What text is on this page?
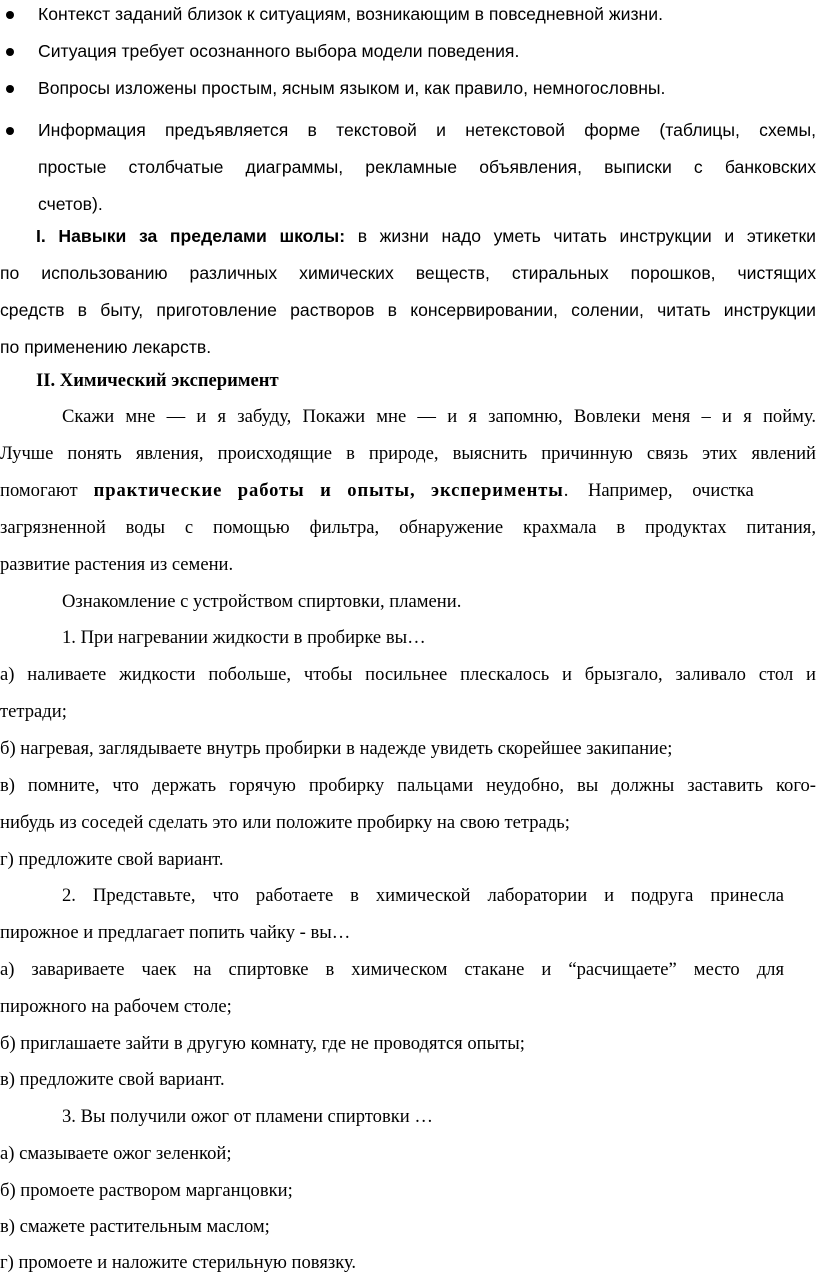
Контекст заданий близок к ситуациям, возникающим в повседневной жизни.
Ситуация требует осознанного выбора модели поведения.
Вопросы изложены простым, ясным языком и, как правило, немногословны.
Информация предъявляется в текстовой и нетекстовой форме (таблицы, схемы,
простые столбчатые диаграммы, рекламные объявления, выписки с банковских
счетов).
I. Навыки за пределами школы: в жизни надо уметь читать инструкции и этикетки
по использованию различных химических веществ, стиральных порошков, чистящих
средств в быту, приготовление растворов в консервировании, солении, читать инструкции
по применению лекарств.
II. Химический эксперимент
Скажи мне — и я забуду, Покажи мне — и я запомню, Вовлеки меня – и я пойму.
Лучше понять явления, происходящие в природе, выяснить причинную связь этих явлений
помогают практические работы и опыты, эксперименты. Например, очистка
загрязненной воды с помощью фильтра, обнаружение крахмала в продуктах питания,
развитие растения из семени.
Ознакомление с устройством спиртовки, пламени.
1. При нагревании жидкости в пробирке вы…
а) наливаете жидкости побольше, чтобы посильнее плескалось и брызгало, заливало стол и
тетради;
б) нагревая, заглядываете внутрь пробирки в надежде увидеть скорейшее закипание;
в) помните, что держать горячую пробирку пальцами неудобно, вы должны заставить кого-
нибудь из соседей сделать это или положите пробирку на свою тетрадь;
г) предложите свой вариант.
2. Представьте, что работаете в химической лаборатории и подруга принесла
пирожное и предлагает попить чайку - вы…
а) завариваете чаек на спиртовке в химическом стакане и “расчищаете” место для
пирожного на рабочем столе;
б) приглашаете зайти в другую комнату, где не проводятся опыты;
в) предложите свой вариант.
3. Вы получили ожог от пламени спиртовки …
а) смазываете ожог зеленкой;
б) промоете раствором марганцовки;
в) смажете растительным маслом;
г) промоете и наложите стерильную повязку.
